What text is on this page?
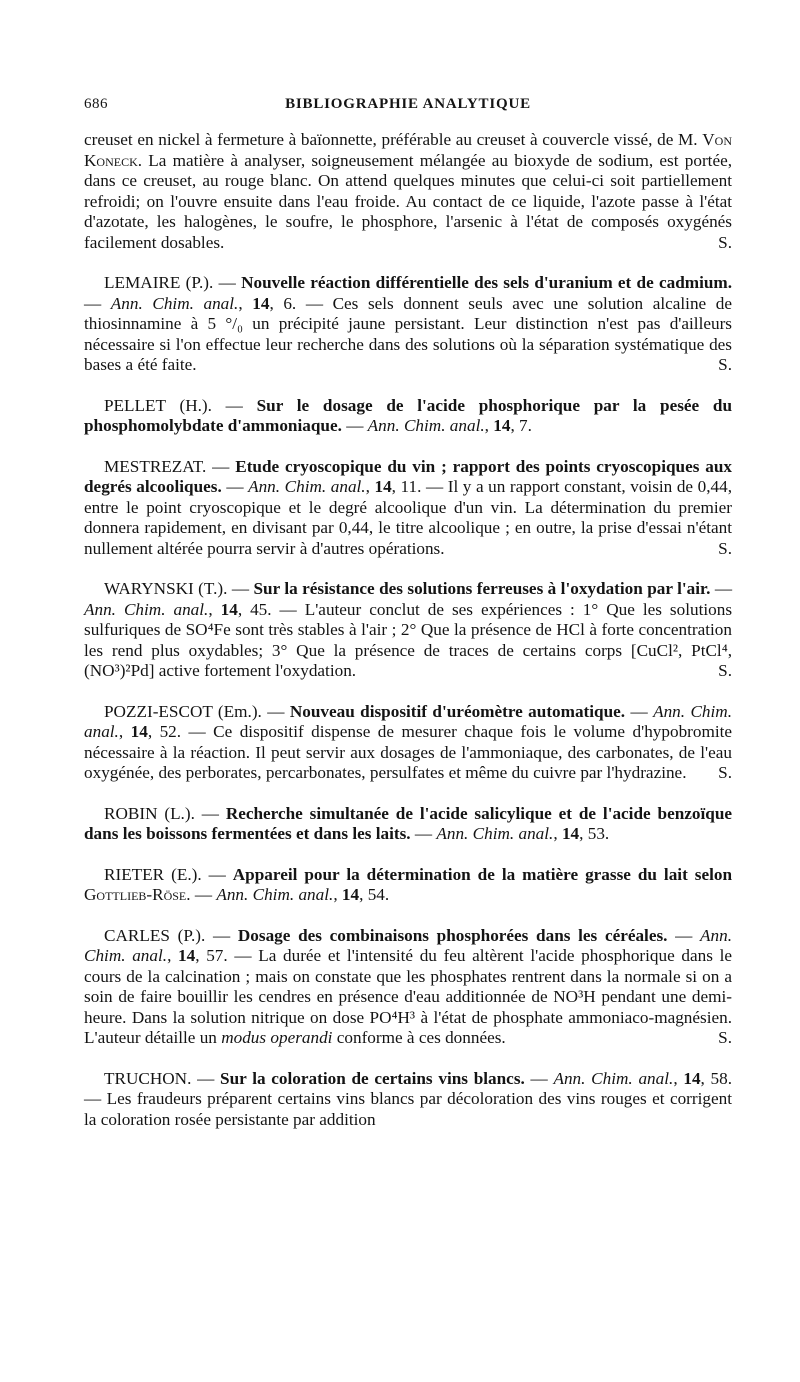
686	BIBLIOGRAPHIE ANALYTIQUE

creuset en nickel à fermeture à baïonnette, préférable au creuset à couvercle vissé, de M. Von Koneck. La matière à analyser, soigneusement mélangée au bioxyde de sodium, est portée, dans ce creuset, au rouge blanc. On attend quelques minutes que celui-ci soit partiellement refroidi; on l'ouvre ensuite dans l'eau froide. Au contact de ce liquide, l'azote passe à l'état d'azotate, les halogènes, le soufre, le phosphore, l'arsenic à l'état de composés oxygénés facilement dosables.	S.

LEMAIRE (P.). — Nouvelle réaction différentielle des sels d'uranium et de cadmium. — Ann. Chim. anal., 14, 6. — Ces sels donnent seuls avec une solution alcaline de thiosinnamine à 5 °/₀ un précipité jaune persistant. Leur distinction n'est pas d'ailleurs nécessaire si l'on effectue leur recherche dans des solutions où la séparation systématique des bases a été faite.	S.

PELLET (H.). — Sur le dosage de l'acide phosphorique par la pesée du phosphomolybdate d'ammoniaque. — Ann. Chim. anal., 14, 7.

MESTREZAT. — Etude cryoscopique du vin ; rapport des points cryoscopiques aux degrés alcooliques. — Ann. Chim. anal., 14, 11. — Il y a un rapport constant, voisin de 0,44, entre le point cryoscopique et le degré alcoolique d'un vin. La détermination du premier donnera rapidement, en divisant par 0,44, le titre alcoolique ; en outre, la prise d'essai n'étant nullement altérée pourra servir à d'autres opérations.	S.

WARYNSKI (T.). — Sur la résistance des solutions ferreuses à l'oxydation par l'air. — Ann. Chim. anal., 14, 45. — L'auteur conclut de ses expériences : 1° Que les solutions sulfuriques de SO⁴Fe sont très stables à l'air ; 2° Que la présence de HCl à forte concentration les rend plus oxydables; 3° Que la présence de traces de certains corps [CuCl², PtCl⁴, (NO³)²Pd] active fortement l'oxydation.	S.

POZZI-ESCOT (Em.). — Nouveau dispositif d'uréomètre automatique. — Ann. Chim. anal., 14, 52. — Ce dispositif dispense de mesurer chaque fois le volume d'hypobromite nécessaire à la réaction. Il peut servir aux dosages de l'ammoniaque, des carbonates, de l'eau oxygénée, des perborates, percarbonates, persulfates et même du cuivre par l'hydrazine.	S.

ROBIN (L.). — Recherche simultanée de l'acide salicylique et de l'acide benzoïque dans les boissons fermentées et dans les laits. — Ann. Chim. anal., 14, 53.

RIETER (E.). — Appareil pour la détermination de la matière grasse du lait selon Gottlieb-Röse. — Ann. Chim. anal., 14, 54.

CARLES (P.). — Dosage des combinaisons phosphorées dans les céréales. — Ann. Chim. anal., 14, 57. — La durée et l'intensité du feu altèrent l'acide phosphorique dans le cours de la calcination ; mais on constate que les phosphates rentrent dans la normale si on a soin de faire bouillir les cendres en présence d'eau additionnée de NO³H pendant une demi-heure. Dans la solution nitrique on dose PO⁴H³ à l'état de phosphate ammoniaco-magnésien. L'auteur détaille un modus operandi conforme à ces données.	S.

TRUCHON. — Sur la coloration de certains vins blancs. — Ann. Chim. anal., 14, 58. — Les fraudeurs préparent certains vins blancs par décoloration des vins rouges et corrigent la coloration rosée persistante par addition
